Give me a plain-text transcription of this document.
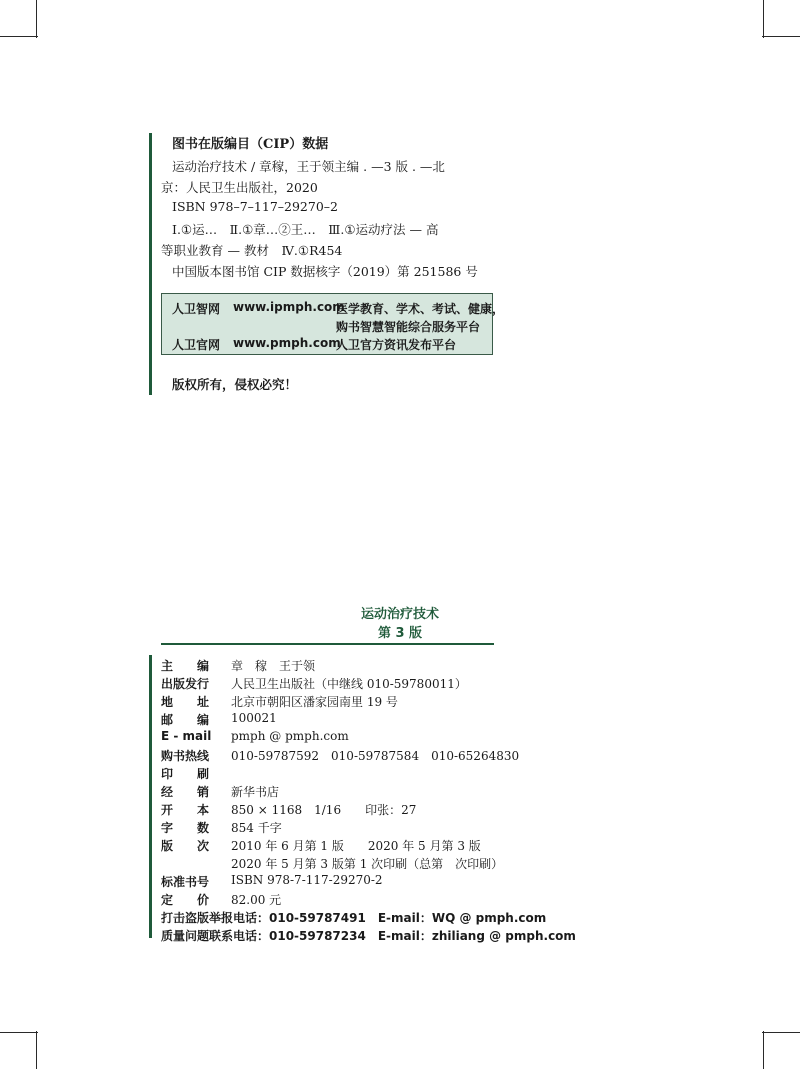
图书在版编目（CIP）数据
运动治疗技术 / 章稼，王于领主编 . —3 版 . —北
京：人民卫生出版社，2020
ISBN 978–7–117–29270–2
Ⅰ.①运…　Ⅱ.①章…②王…　Ⅲ.①运动疗法 — 高
等职业教育 — 教材　Ⅳ.①R454
中国版本图书馆 CIP 数据核字（2019）第 251586 号
人卫智网 www.ipmph.com
医学教育、学术、考试、健康，
购书智慧智能综合服务平台
人卫官网 www.pmph.com
人卫官方资讯发布平台
版权所有，侵权必究！
运动治疗技术
第 3 版
主　　编	章　稼　王于领
出版发行	人民卫生出版社（中继线 010-59780011）
地　　址	北京市朝阳区潘家园南里 19 号
邮　　编	100021
E - mail	pmph @ pmph.com
购书热线	010-59787592　010-59787584　010-65264830
印　　刷
经　　销	新华书店
开　　本	850 × 1168　1/16　　印张：27
字　　数	854 千字
版　　次	2010 年 6 月第 1 版　　2020 年 5 月第 3 版
2020 年 5 月第 3 版第 1 次印刷（总第　次印刷）
标准书号	ISBN 978-7-117-29270-2
定　　价	82.00 元
打击盗版举报电话：010-59787491　E-mail：WQ @ pmph.com
质量问题联系电话：010-59787234　E-mail：zhiliang @ pmph.com
